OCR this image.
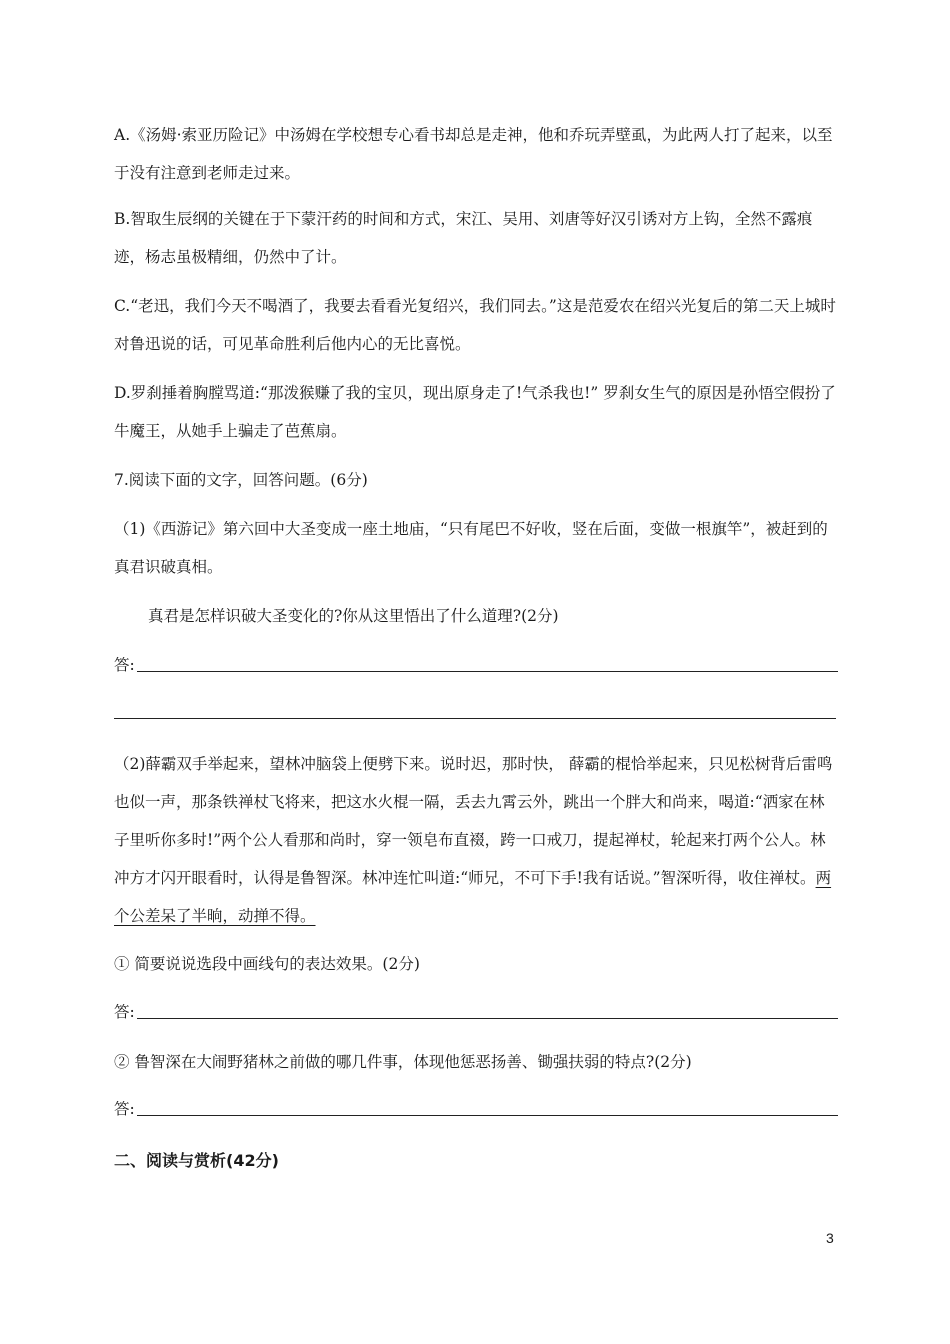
A.《汤姆·索亚历险记》中汤姆在学校想专心看书却总是走神，他和乔玩弄壁虱，为此两人打了起来，以至于没有注意到老师走过来。

B.智取生辰纲的关键在于下蒙汗药的时间和方式，宋江、吴用、刘唐等好汉引诱对方上钩，全然不露痕迹，杨志虽极精细，仍然中了计。

C.“老迅，我们今天不喝酒了，我要去看看光复绍兴，我们同去。”这是范爱农在绍兴光复后的第二天上城时对鲁迅说的话，可见革命胜利后他内心的无比喜悦。

D.罗刹捶着胸膛骂道:“那泼猴赚了我的宝贝，现出原身走了!气杀我也!” 罗刹女生气的原因是孙悟空假扮了牛魔王，从她手上骗走了芭蕉扇。

7.阅读下面的文字，回答问题。(6分)

（1)《西游记》第六回中大圣变成一座土地庙，“只有尾巴不好收，竖在后面，变做一根旗竿”，被赶到的真君识破真相。

真君是怎样识破大圣变化的?你从这里悟出了什么道理?(2分)

答:

（2)薛霸双手举起来，望林冲脑袋上便劈下来。说时迟，那时快， 薛霸的棍恰举起来，只见松树背后雷鸣也似一声，那条铁禅杖飞将来，把这水火棍一隔，丢去九霄云外，跳出一个胖大和尚来，喝道:“洒家在林子里听你多时!”两个公人看那和尚时，穿一领皂布直裰，跨一口戒刀，提起禅杖，轮起来打两个公人。林冲方才闪开眼看时，认得是鲁智深。林冲连忙叫道:“师兄，不可下手!我有话说。”智深听得，收住禅杖。两个公差呆了半晌，动掸不得。

① 简要说说选段中画线句的表达效果。(2分)

答:

② 鲁智深在大闹野猪林之前做的哪几件事，体现他惩恶扬善、锄强扶弱的特点?(2分)

答:
二、阅读与赏析(42分)
3
